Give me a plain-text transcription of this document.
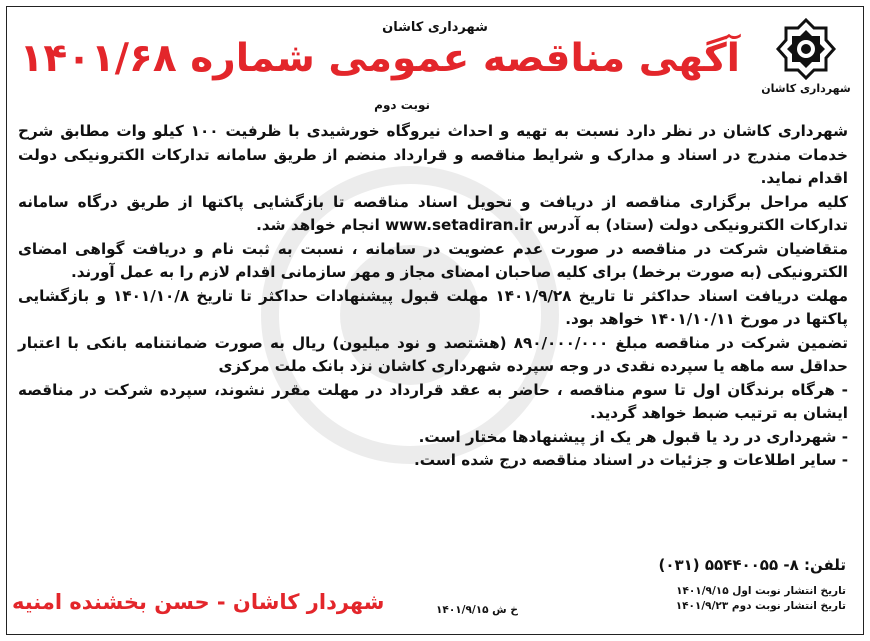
شهرداری کاشان
شهرداری کاشان
آگهی مناقصه عمومی شماره ۱۴۰۱/۶۸
نوبت دوم

شهرداری کاشان در نظر دارد نسبت به تهیه و احداث نیروگاه خورشیدی با ظرفیت ۱۰۰ کیلو وات مطابق شرح خدمات مندرج در اسناد و مدارک و شرایط مناقصه و قرارداد منضم از طریق سامانه تدارکات الکترونیکی دولت اقدام نماید.

کلیه مراحل برگزاری مناقصه از دریافت و تحویل اسناد مناقصه تا بازگشایی پاکتها از طریق درگاه سامانه تدارکات الکترونیکی دولت (ستاد) به آدرس www.setadiran.ir انجام خواهد شد.

متقاضیان شرکت در مناقصه در صورت عدم عضویت در سامانه ، نسبت به ثبت نام و دریافت گواهی امضای الکترونیکی (به صورت برخط) برای کلیه صاحبان امضای مجاز و مهر سازمانی اقدام لازم را به عمل آورند.

مهلت دریافت اسناد حداکثر تا تاریخ ۱۴۰۱/۹/۲۸ مهلت قبول پیشنهادات حداکثر تا تاریخ ۱۴۰۱/۱۰/۸ و بازگشایی پاکتها در مورخ ۱۴۰۱/۱۰/۱۱ خواهد بود.

تضمین شرکت در مناقصه مبلغ ۸۹۰/۰۰۰/۰۰۰ (هشتصد و نود میلیون) ریال به صورت ضمانتنامه بانکی با اعتبار حداقل سه ماهه یا سپرده نقدی در وجه سپرده شهرداری کاشان نزد بانک ملت مرکزی

- هرگاه برندگان اول تا سوم مناقصه ، حاضر به عقد قرارداد در مهلت مقرر نشوند، سپرده شرکت در مناقصه ایشان به ترتیب ضبط خواهد گردید.

- شهرداری در رد یا قبول هر یک از پیشنهادها مختار است.

- سایر اطلاعات و جزئیات در اسناد مناقصه درج شده است.

تلفن: ۸- ۵۵۴۴۰۰۵۵ (۰۳۱)
تاریخ انتشار نوبت اول ۱۴۰۱/۹/۱۵
تاریخ انتشار نوبت دوم ۱۴۰۱/۹/۲۳
خ ش ۱۴۰۱/۹/۱۵
شهردار کاشان - حسن بخشنده امنیه
